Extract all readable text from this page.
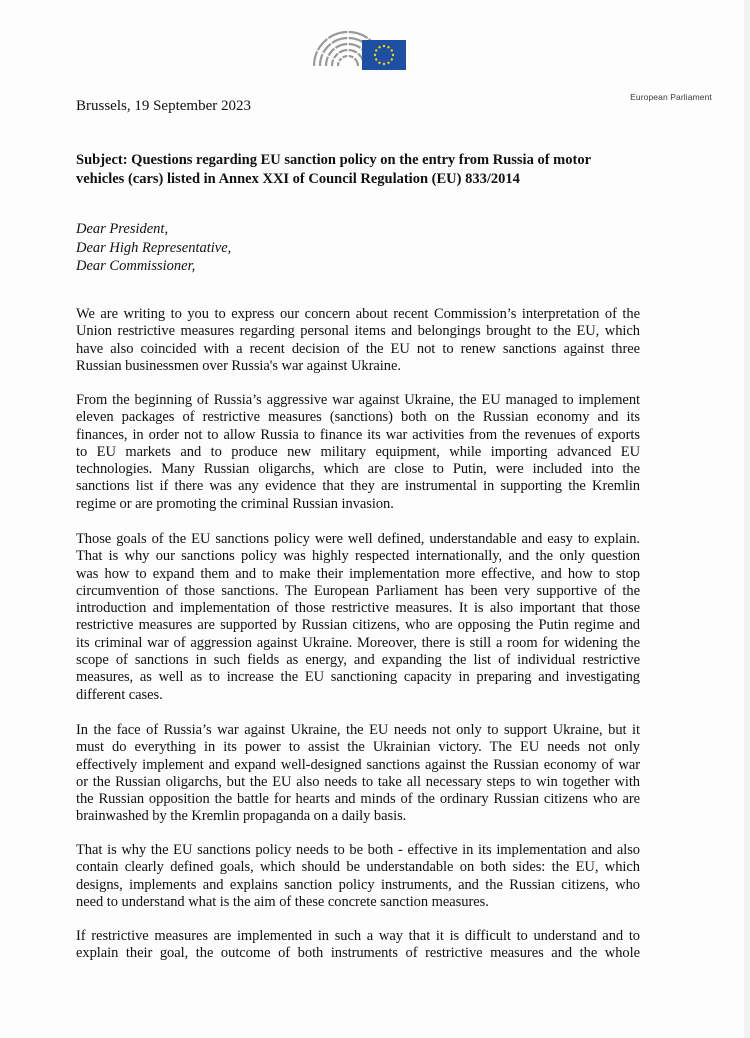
European Parliament
Brussels, 19 September 2023
Subject: Questions regarding EU sanction policy on the entry from Russia of motor vehicles (cars) listed in Annex XXI of Council Regulation (EU) 833/2014
Dear President,
Dear High Representative,
Dear Commissioner,
We are writing to you to express our concern about recent Commission’s interpretation of the
Union restrictive measures regarding personal items and belongings brought to the EU, which
have also coincided with a recent decision of the EU not to renew sanctions against three
Russian businessmen over Russia's war against Ukraine.
From the beginning of Russia’s aggressive war against Ukraine, the EU managed to implement
eleven packages of restrictive measures (sanctions) both on the Russian economy and its
finances, in order not to allow Russia to finance its war activities from the revenues of exports
to EU markets and to produce new military equipment, while importing advanced EU
technologies. Many Russian oligarchs, which are close to Putin, were included into the
sanctions list if there was any evidence that they are instrumental in supporting the Kremlin
regime or are promoting the criminal Russian invasion.
Those goals of the EU sanctions policy were well defined, understandable and easy to explain.
That is why our sanctions policy was highly respected internationally, and the only question
was how to expand them and to make their implementation more effective, and how to stop
circumvention of those sanctions. The European Parliament has been very supportive of the
introduction and implementation of those restrictive measures. It is also important that those
restrictive measures are supported by Russian citizens, who are opposing the Putin regime and
its criminal war of aggression against Ukraine. Moreover, there is still a room for widening the
scope of sanctions in such fields as energy, and expanding the list of individual restrictive
measures, as well as to increase the EU sanctioning capacity in preparing and investigating
different cases.
In the face of Russia’s war against Ukraine, the EU needs not only to support Ukraine, but it
must do everything in its power to assist the Ukrainian victory. The EU needs not only
effectively implement and expand well-designed sanctions against the Russian economy of war
or the Russian oligarchs, but the EU also needs to take all necessary steps to win together with
the Russian opposition the battle for hearts and minds of the ordinary Russian citizens who are
brainwashed by the Kremlin propaganda on a daily basis.
That is why the EU sanctions policy needs to be both - effective in its implementation and also
contain clearly defined goals, which should be understandable on both sides: the EU, which
designs, implements and explains sanction policy instruments, and the Russian citizens, who
need to understand what is the aim of these concrete sanction measures.
If restrictive measures are implemented in such a way that it is difficult to understand and to
explain their goal, the outcome of both instruments of restrictive measures and the whole
